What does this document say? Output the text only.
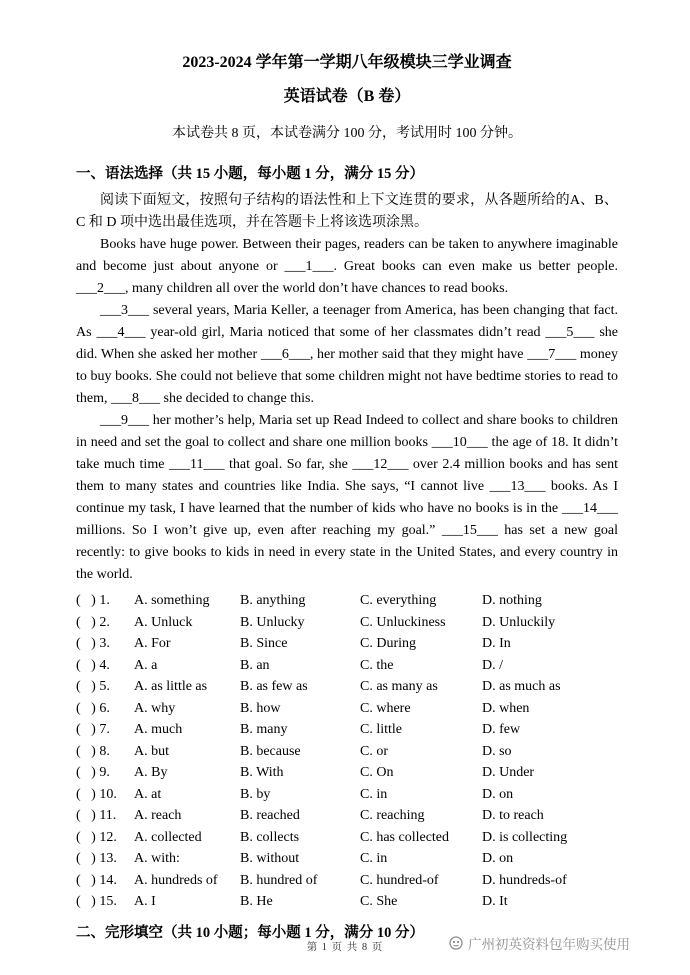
2023-2024 学年第一学期八年级模块三学业调查
英语试卷（B 卷）

本试卷共 8 页，本试卷满分 100 分，考试用时 100 分钟。

一、语法选择（共 15 小题，每小题 1 分，满分 15 分）

阅读下面短文，按照句子结构的语法性和上下文连贯的要求，从各题所给的A、B、C 和 D 项中选出最佳选项，并在答题卡上将该选项涂黑。

Books have huge power. Between their pages, readers can be taken to anywhere imaginable and become just about anyone or ___1___. Great books can even make us better people. ___2___, many children all over the world don’t have chances to read books.

___3___ several years, Maria Keller, a teenager from America, has been changing that fact. As ___4___ year-old girl, Maria noticed that some of her classmates didn’t read ___5___ she did. When she asked her mother ___6___, her mother said that they might have ___7___ money to buy books. She could not believe that some children might not have bedtime stories to read to them, ___8___ she decided to change this.

___9___ her mother’s help, Maria set up Read Indeed to collect and share books to children in need and set the goal to collect and share one million books ___10___ the age of 18. It didn’t take much time ___11___ that goal. So far, she ___12___ over 2.4 million books and has sent them to many states and countries like India. She says, “I cannot live ___13___ books. As I continue my task, I have learned that the number of kids who have no books is in the ___14___ millions. So I won’t give up, even after reaching my goal.” ___15___ has set a new goal recently: to give books to kids in need in every state in the United States, and every country in the world.

(   ) 1.	A. something	B. anything	C. everything	D. nothing
(   ) 2.	A. Unluck	B. Unlucky	C. Unluckiness	D. Unluckily
(   ) 3.	A. For	B. Since	C. During	D. In
(   ) 4.	A. a	B. an	C. the	D. /
(   ) 5.	A. as little as	B. as few as	C. as many as	D. as much as
(   ) 6.	A. why	B. how	C. where	D. when
(   ) 7.	A. much	B. many	C. little	D. few
(   ) 8.	A. but	B. because	C. or	D. so
(   ) 9.	A. By	B. With	C. On	D. Under
(   ) 10.	A. at	B. by	C. in	D. on
(   ) 11.	A. reach	B. reached	C. reaching	D. to reach
(   ) 12.	A. collected	B. collects	C. has collected	D. is collecting
(   ) 13.	A. with:	B. without	C. in	D. on
(   ) 14.	A. hundreds of	B. hundred of	C. hundred-of	D. hundreds-of
(   ) 15.	A. I	B. He	C. She	D. It

二、完形填空（共 10 小题；每小题 1 分，满分 10 分）

第 1 页 共 8 页	广州初英资料包年购买使用
